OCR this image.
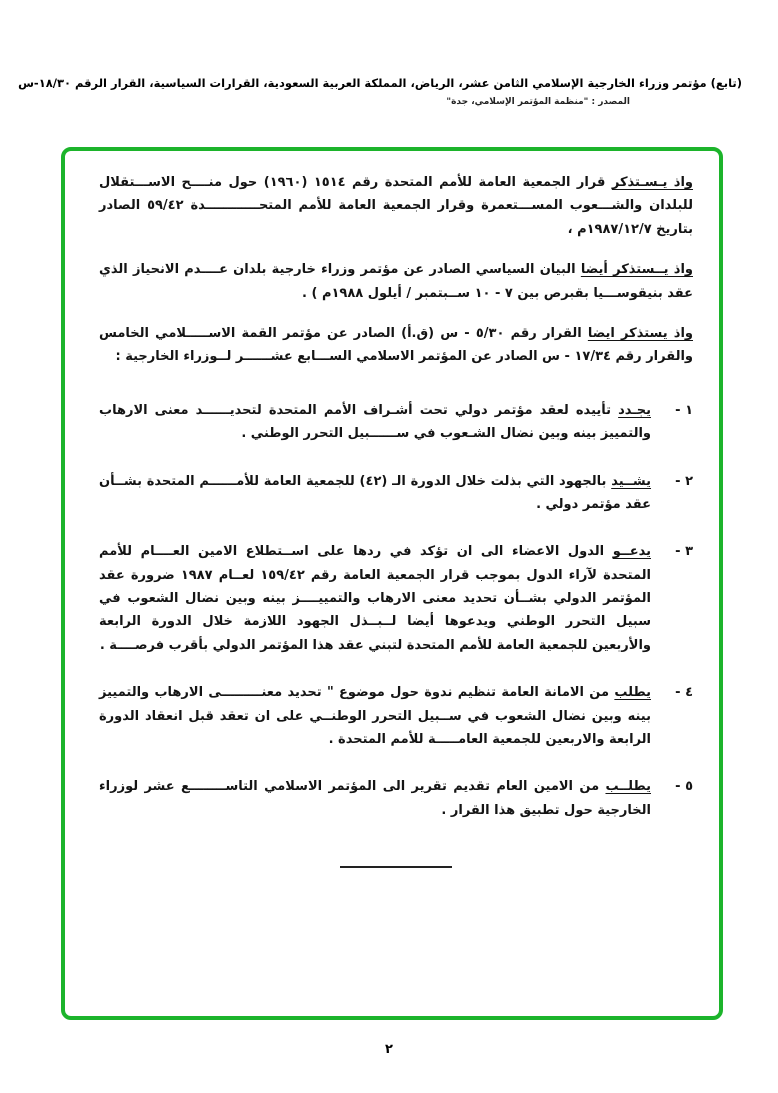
(تابع) مؤتمر وزراء الخارجية الإسلامي الثامن عشر، الرياض، المملكة العربية السعودية، القرارات السياسية، القرار الرقم ١٨/٣٠-س
المصدر : "منظمة المؤتمر الإسلامي، جدة"

واذ يـسـتذكر قرار الجمعية العامة للأمم المتحدة رقم ١٥١٤ (١٩٦٠) حول منــــح الاســـتقلال للبلدان والشـــعوب المســـتعمرة وقرار الجمعية العامة للأمم المتحــــــــــــدة ٥٩/٤٢ الصادر بتاريخ ١٩٨٧/١٢/٧م ،

واذ يــستذكر أيضا البيان السياسي الصادر عن مؤتمر وزراء خارجية بلدان عــــدم الانحياز الذي عقد بنيقوســـيا بقبرص بين ٧ - ١٠ ســبتمبر / أيلول ١٩٨٨م ) .

واذ يستذكر ايضا القرار رقم ٥/٣٠ - س (ق.أ) الصادر عن مؤتمر القمة الاســـــلامي الخامس والقرار رقم ١٧/٣٤ - س الصادر عن المؤتمر الاسلامي الســـابع عشــــــر لــوزراء الخارجية :

١ -

يجـدد تأييده لعقد مؤتمر دولي تحت أشـراف الأمم المتحدة لتحديــــــد معنى الارهاب والتمييز بينه وبين نضال الشـعوب في ســــــبيل التحرر الوطني .

٢ -

يشــيد بالجهود التي بذلت خلال الدورة الـ (٤٢) للجمعية العامة للأمــــــم المتحدة بشــأن عقد مؤتمر دولي .

٣ -

يدعــو الدول الاعضاء الى ان تؤكد في ردها على اســتطلاع الامين العــــام للأمم المتحدة لآراء الدول بموجب قرار الجمعية العامة رقم ١٥٩/٤٢ لعــام ١٩٨٧ ضرورة عقد المؤتمر الدولي بشــأن تحديد معنى الارهاب والتمييــــز بينه وبين نضال الشعوب في سبيل التحرر الوطني ويدعوها أيضا لــبــذل الجهود اللازمة خلال الدورة الرابعة والأربعين للجمعية العامة للأمم المتحدة لتبني عقد هذا المؤتمر الدولي بأقرب فرصــــة .

٤ -

يطلب من الامانة العامة تنظيم ندوة حول موضوع " تحديد معنـــــــــى الارهاب والتمييز بينه وبين نضال الشعوب في ســبيل التحرر الوطنــي على ان تعقد قبل انعقاد الدورة الرابعة والاربعين للجمعية العامـــــة للأمم المتحدة .

٥ -

يطلــب من الامين العام تقديم تقرير الى المؤتمر الاسلامي التاســــــــع عشر لوزراء الخارجية حول تطبيق هذا القرار .

٢
